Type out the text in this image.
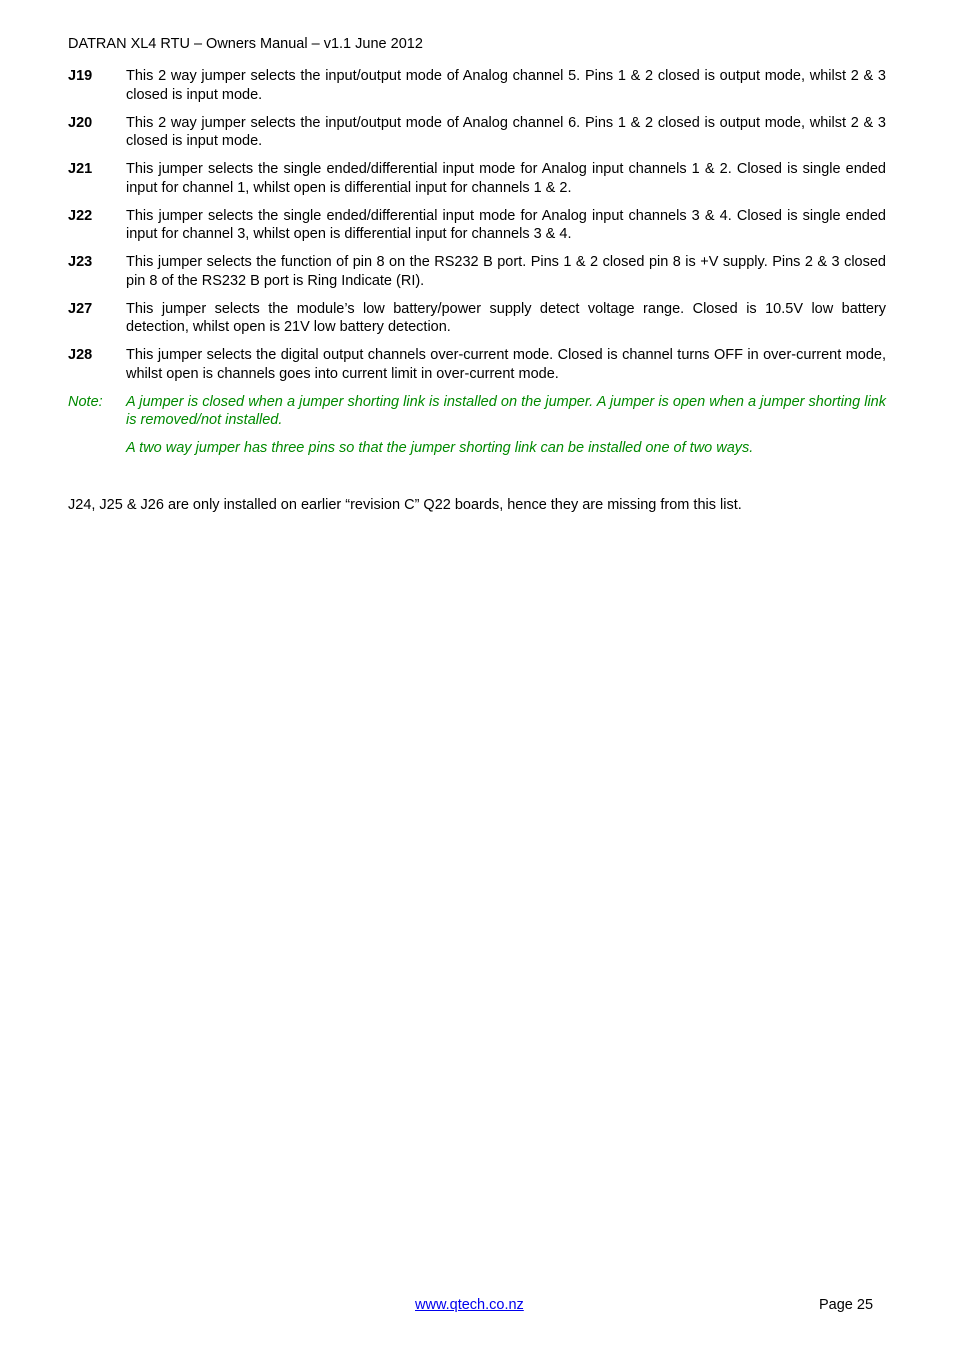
DATRAN XL4 RTU – Owners Manual – v1.1 June 2012
J19	This 2 way jumper selects the input/output mode of Analog channel 5. Pins 1 & 2 closed is output mode, whilst 2 & 3 closed is input mode.
J20	This 2 way jumper selects the input/output mode of Analog channel 6. Pins 1 & 2 closed is output mode, whilst 2 & 3 closed is input mode.
J21	This jumper selects the single ended/differential input mode for Analog input channels 1 & 2. Closed is single ended input for channel 1, whilst open is differential input for channels 1 & 2.
J22	This jumper selects the single ended/differential input mode for Analog input channels 3 & 4. Closed is single ended input for channel 3, whilst open is differential input for channels 3 & 4.
J23	This jumper selects the function of pin 8 on the RS232 B port. Pins 1 & 2 closed pin 8 is +V supply. Pins 2 & 3 closed pin 8 of the RS232 B port is Ring Indicate (RI).
J27	This jumper selects the module’s low battery/power supply detect voltage range. Closed is 10.5V low battery detection, whilst open is 21V low battery detection.
J28	This jumper selects the digital output channels over-current mode. Closed is channel turns OFF in over-current mode, whilst open is channels goes into current limit in over-current mode.
Note:	A jumper is closed when a jumper shorting link is installed on the jumper. A jumper is open when a jumper shorting link is removed/not installed.

A two way jumper has three pins so that the jumper shorting link can be installed one of two ways.

J24, J25 & J26 are only installed on earlier “revision C” Q22 boards, hence they are missing from this list.
www.qtech.co.nz	Page 25
